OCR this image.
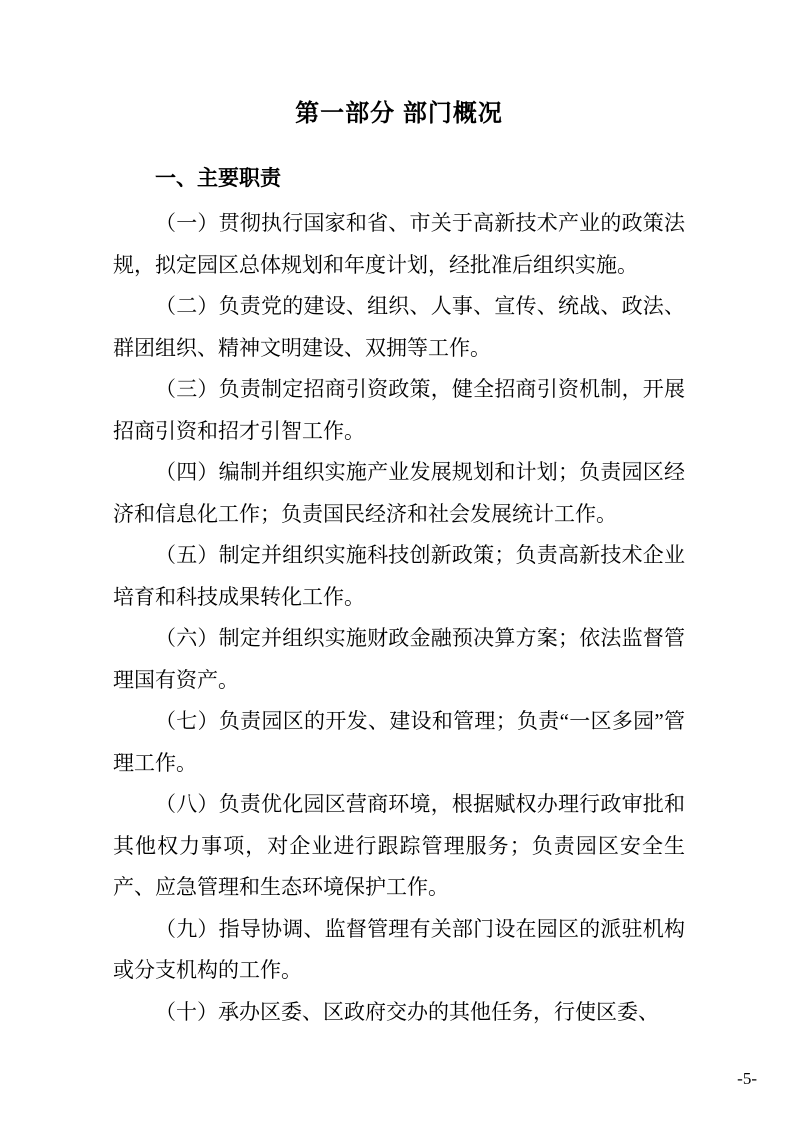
第一部分 部门概况
一、主要职责

（一）贯彻执行国家和省、市关于高新技术产业的政策法规，拟定园区总体规划和年度计划，经批准后组织实施。

（二）负责党的建设、组织、人事、宣传、统战、政法、群团组织、精神文明建设、双拥等工作。

（三）负责制定招商引资政策，健全招商引资机制，开展招商引资和招才引智工作。

（四）编制并组织实施产业发展规划和计划；负责园区经济和信息化工作；负责国民经济和社会发展统计工作。

（五）制定并组织实施科技创新政策；负责高新技术企业培育和科技成果转化工作。

（六）制定并组织实施财政金融预决算方案；依法监督管理国有资产。

（七）负责园区的开发、建设和管理；负责“一区多园”管理工作。

（八）负责优化园区营商环境，根据赋权办理行政审批和其他权力事项，对企业进行跟踪管理服务；负责园区安全生产、应急管理和生态环境保护工作。

（九）指导协调、监督管理有关部门设在园区的派驻机构或分支机构的工作。

（十）承办区委、区政府交办的其他任务，行使区委、

-5-
